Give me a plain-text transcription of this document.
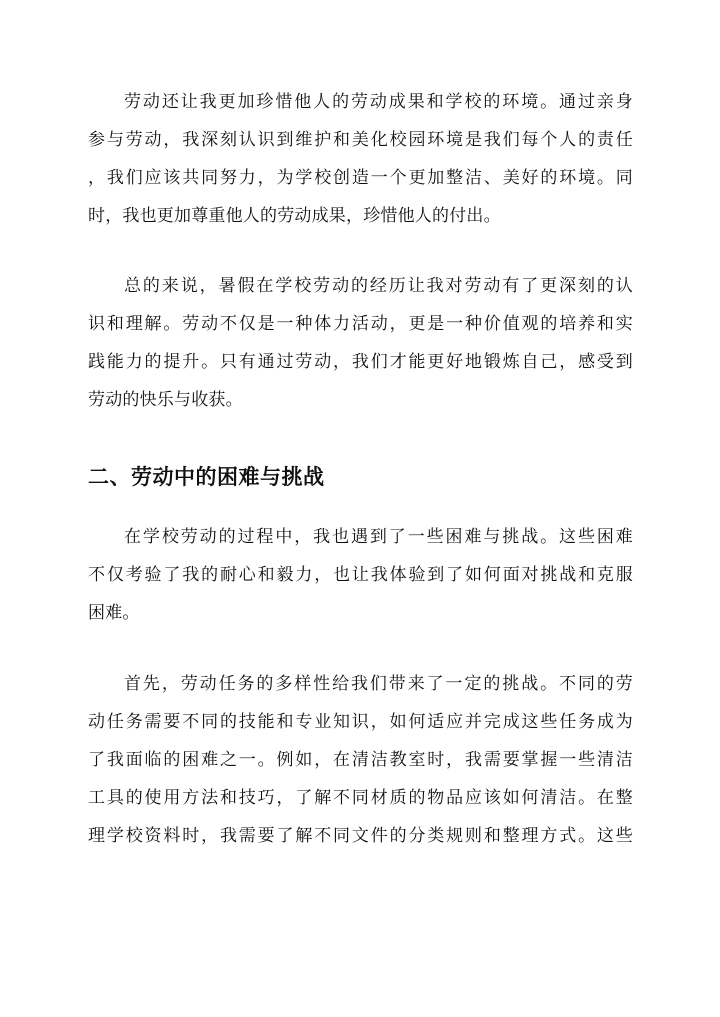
劳动还让我更加珍惜他人的劳动成果和学校的环境。通过亲身
参与劳动，我深刻认识到维护和美化校园环境是我们每个人的责任
，我们应该共同努力，为学校创造一个更加整洁、美好的环境。同
时，我也更加尊重他人的劳动成果，珍惜他人的付出。

总的来说，暑假在学校劳动的经历让我对劳动有了更深刻的认
识和理解。劳动不仅是一种体力活动，更是一种价值观的培养和实
践能力的提升。只有通过劳动，我们才能更好地锻炼自己，感受到
劳动的快乐与收获。

二、劳动中的困难与挑战

在学校劳动的过程中，我也遇到了一些困难与挑战。这些困难
不仅考验了我的耐心和毅力，也让我体验到了如何面对挑战和克服
困难。

首先，劳动任务的多样性给我们带来了一定的挑战。不同的劳
动任务需要不同的技能和专业知识，如何适应并完成这些任务成为
了我面临的困难之一。例如，在清洁教室时，我需要掌握一些清洁
工具的使用方法和技巧，了解不同材质的物品应该如何清洁。在整
理学校资料时，我需要了解不同文件的分类规则和整理方式。这些
